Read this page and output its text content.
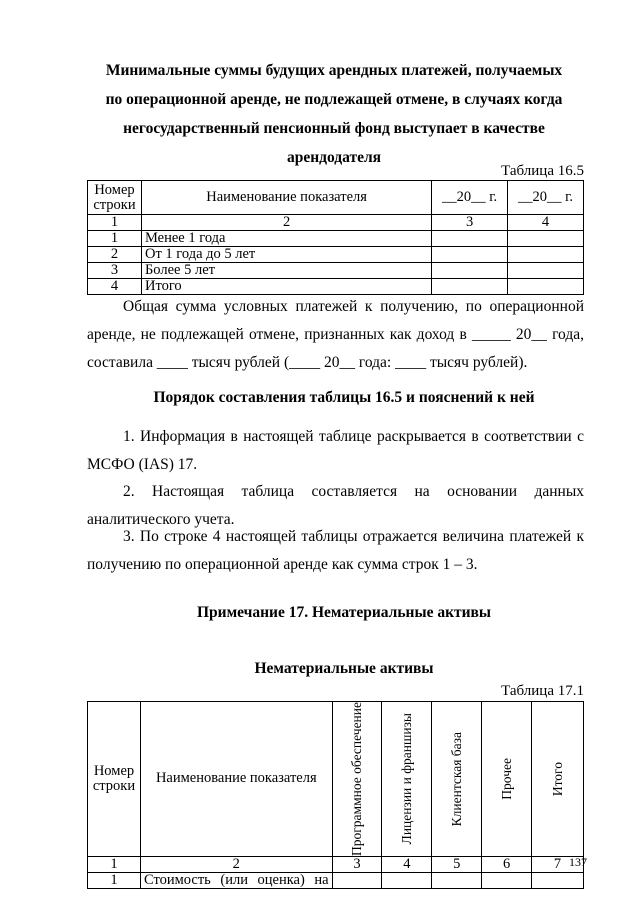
Минимальные суммы будущих арендных платежей, получаемых
по операционной аренде, не подлежащей отмене, в случаях когда
негосударственный пенсионный фонд выступает в качестве
арендодателя
Таблица 16.5
Номер строки	Наименование показателя	__20__ г.	__20__ г.
1	2	3	4
1	Менее 1 года		
2	От 1 года до 5 лет		
3	Более 5 лет		
4	Итого		
Общая сумма условных платежей к получению, по операционной
аренде, не подлежащей отмене, признанных как доход в _____ 20__ года,
составила ____ тысяч рублей (____ 20__ года: ____ тысяч рублей).
Порядок составления таблицы 16.5 и пояснений к ней
1. Информация в настоящей таблице раскрывается в соответствии с МСФО (IAS) 17.
2. Настоящая таблица составляется на основании данных аналитического учета.
3. По строке 4 настоящей таблицы отражается величина платежей к получению по операционной аренде как сумма строк 1 – 3.
Примечание 17. Нематериальные активы
Нематериальные активы
Таблица 17.1
Номер строки	Наименование показателя	Программное обеспечение	Лицензии и франшизы	Клиентская база	Прочее	Итого

1	2	3	4	5	6	7
1	Стоимость (или оценка) на					
137
